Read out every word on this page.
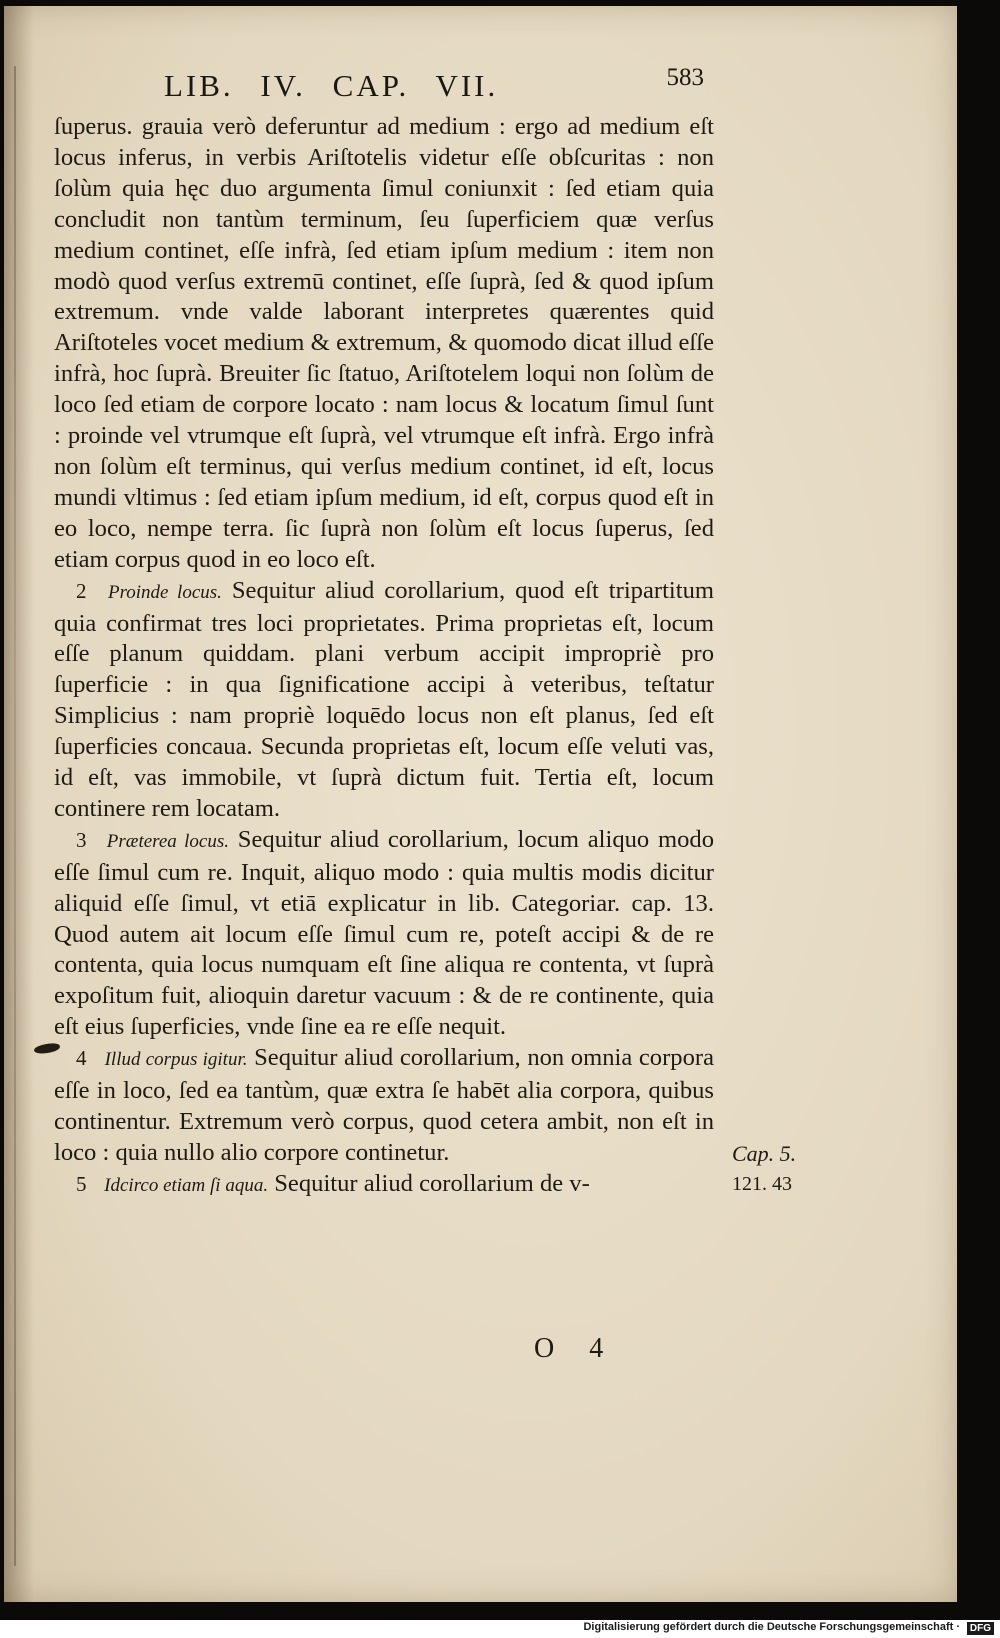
LIB. IV. CAP. VII.	583

ſuperus. grauia verò deferuntur ad medium : ergo ad medium eſt locus inferus, in verbis Ariſtotelis videtur eſſe obſcuritas : non ſolùm quia hęc duo argumenta ſimul coniunxit : ſed etiam quia concludit non tantùm terminum, ſeu ſuperficiem quæ verſus medium continet, eſſe infrà, ſed etiam ipſum medium : item non modò quod verſus extremū continet, eſſe ſuprà, ſed & quod ipſum extremum. vnde valde laborant interpretes quærentes quid Ariſtoteles vocet medium & extremum, & quomodo dicat illud eſſe infrà, hoc ſuprà. Breuiter ſic ſtatuo, Ariſtotelem loqui non ſolùm de loco ſed etiam de corpore locato : nam locus & locatum ſimul ſunt : proinde vel vtrumque eſt ſuprà, vel vtrumque eſt infrà. Ergo infrà non ſolùm eſt terminus, qui verſus medium continet, id eſt, locus mundi vltimus : ſed etiam ipſum medium, id eſt, corpus quod eſt in eo loco, nempe terra. ſic ſuprà non ſolùm eſt locus ſuperus, ſed etiam corpus quod in eo loco eſt.

2 Proinde locus. Sequitur aliud corollarium, quod eſt tripartitum quia confirmat tres loci proprietates. Prima proprietas eſt, locum eſſe planum quiddam. plani verbum accipit impropriè pro ſuperficie : in qua ſignificatione accipi à veteribus, teſtatur Simplicius : nam propriè loquēdo locus non eſt planus, ſed eſt ſuperficies concaua. Secunda proprietas eſt, locum eſſe veluti vas, id eſt, vas immobile, vt ſuprà dictum fuit. Tertia eſt, locum continere rem locatam.

3 Præterea locus. Sequitur aliud corollarium, locum aliquo modo eſſe ſimul cum re. Inquit, aliquo modo : quia multis modis dicitur aliquid eſſe ſimul, vt etiā explicatur in lib. Categoriar. cap. 13. Quod autem ait locum eſſe ſimul cum re, poteſt accipi & de re contenta, quia locus numquam eſt ſine aliqua re contenta, vt ſuprà expoſitum fuit, alioquin daretur vacuum : & de re continente, quia eſt eius ſuperficies, vnde ſine ea re eſſe nequit.

4 Illud corpus igitur. Sequitur aliud corollarium, non omnia corpora eſſe in loco, ſed ea tantùm, quæ extra ſe habēt alia corpora, quibus continentur. Extremum verò corpus, quod cetera ambit, non eſt in loco : quia nullo alio corpore continetur.

5 Idcirco etiam ſi aqua. Sequitur aliud corollarium de v-

Cap. 5.
121. 43
O 4
Digitalisierung gefördert durch die Deutsche Forschungsgemeinschaft · DFG
